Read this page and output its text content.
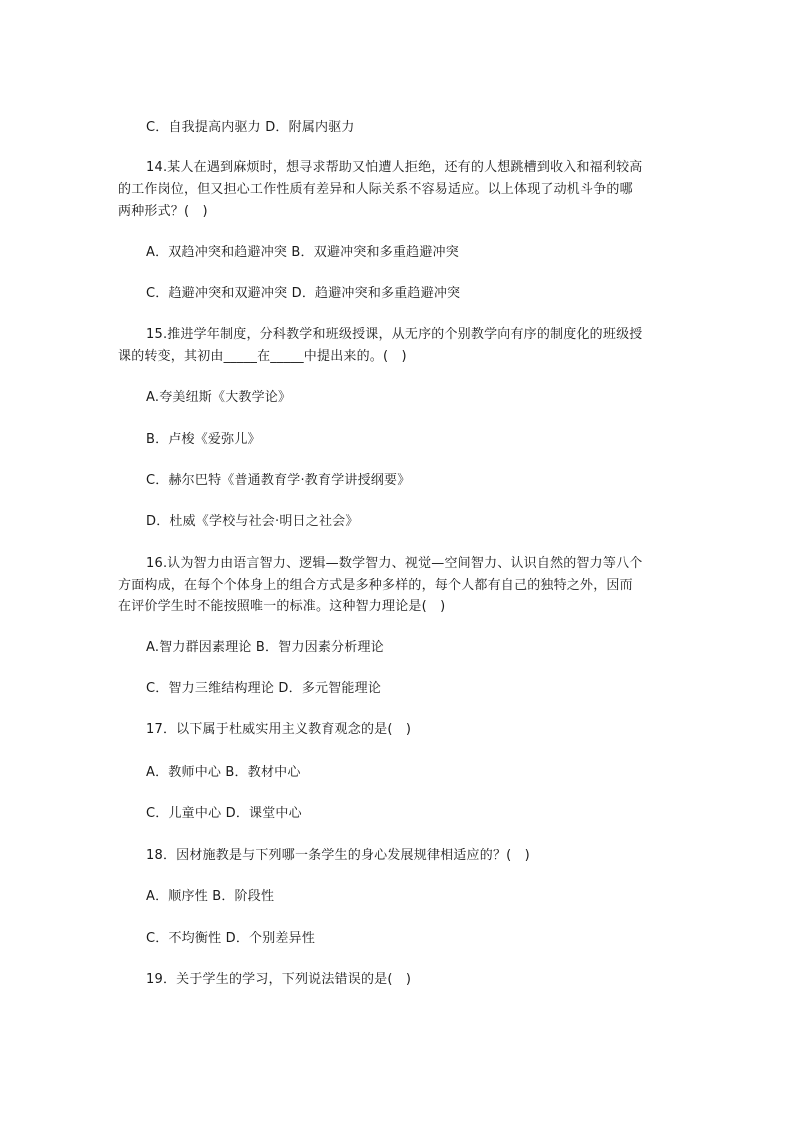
C．自我提高内驱力 D．附属内驱力
14.某人在遇到麻烦时，想寻求帮助又怕遭人拒绝，还有的人想跳槽到收入和福利较高
的工作岗位，但又担心工作性质有差异和人际关系不容易适应。以上体现了动机斗争的哪
两种形式？(　)
A．双趋冲突和趋避冲突 B．双避冲突和多重趋避冲突
C．趋避冲突和双避冲突 D．趋避冲突和多重趋避冲突
15.推进学年制度，分科教学和班级授课，从无序的个别教学向有序的制度化的班级授
课的转变，其初由_____在_____中提出来的。(　)
A.夸美纽斯《大教学论》
B．卢梭《爱弥儿》
C．赫尔巴特《普通教育学·教育学讲授纲要》
D．杜威《学校与社会·明日之社会》
16.认为智力由语言智力、逻辑—数学智力、视觉—空间智力、认识自然的智力等八个
方面构成，在每个个体身上的组合方式是多种多样的，每个人都有自己的独特之外，因而
在评价学生时不能按照唯一的标准。这种智力理论是(　)
A.智力群因素理论 B．智力因素分析理论
C．智力三维结构理论 D．多元智能理论
17．以下属于杜威实用主义教育观念的是(　)
A．教师中心 B．教材中心
C．儿童中心 D．课堂中心
18．因材施教是与下列哪一条学生的身心发展规律相适应的？(　)
A．顺序性 B．阶段性
C．不均衡性 D．个别差异性
19．关于学生的学习，下列说法错误的是(　)
